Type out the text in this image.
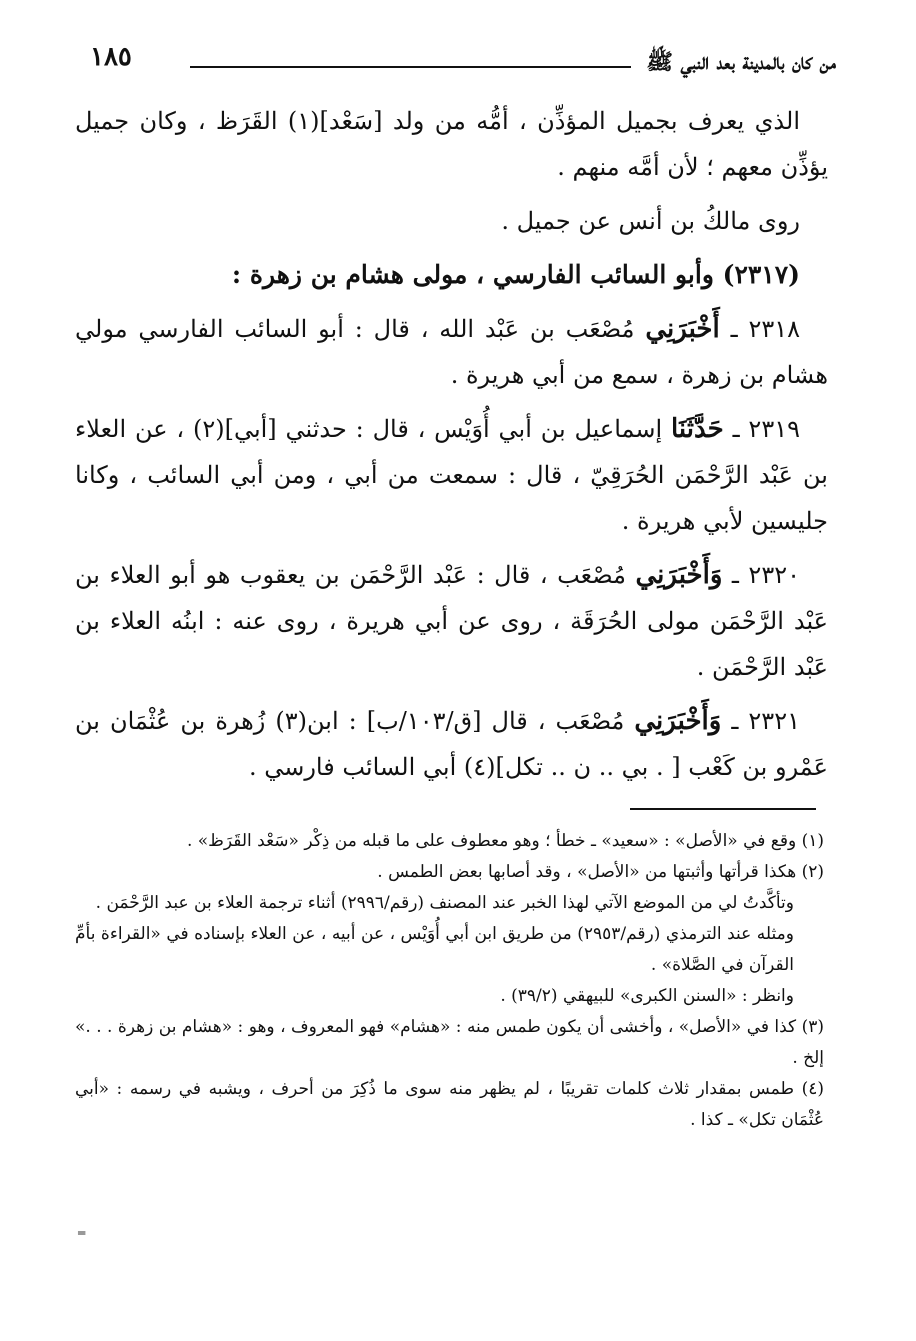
من كان بالمدينة بعد النبي ﷺ
١٨٥

الذي يعرف بجميل المؤذِّن ، أمُّه من ولد [سَعْد](١) القَرَظ ، وكان جميل يؤذِّن معهم ؛ لأن أمَّه منهم .

روى مالكُ بن أنس عن جميل .

(٢٣١٧) وأبو السائب الفارسي ، مولى هشام بن زهرة :

٢٣١٨ ـ أَخْبَرَنِي مُصْعَب بن عَبْد الله ، قال : أبو السائب الفارسي مولي هشام بن زهرة ، سمع من أبي هريرة .

٢٣١٩ ـ حَدَّثَنَا إسماعيل بن أبي أُوَيْس ، قال : حدثني [أبي](٢) ، عن العلاء بن عَبْد الرَّحْمَن الحُرَقِيّ ، قال : سمعت من أبي ، ومن أبي السائب ، وكانا جليسين لأبي هريرة .

٢٣٢٠ ـ وَأَخْبَرَنِي مُصْعَب ، قال : عَبْد الرَّحْمَن بن يعقوب هو أبو العلاء بن عَبْد الرَّحْمَن مولى الحُرَقَة ، روى عن أبي هريرة ، روى عنه : ابنُه العلاء بن عَبْد الرَّحْمَن .

٢٣٢١ ـ وَأَخْبَرَنِي مُصْعَب ، قال [ق/١٠٣/ب] : ابن(٣) زُهرة بن عُثْمَان بن عَمْرو بن كَعْب [ . بي .. ن .. تكل](٤) أبي السائب فارسي .

(١) وقع في «الأصل» : «سعيد» ـ خطأ ؛ وهو معطوف على ما قبله من ذِكْر «سَعْد القَرَظ» .

(٢) هكذا قرأتها وأثبتها من «الأصل» ، وقد أصابها بعض الطمس .

وتأكَّدتُ لي من الموضع الآتي لهذا الخبر عند المصنف (رقم/٢٩٩٦) أثناء ترجمة العلاء بن عبد الرَّحْمَن .

ومثله عند الترمذي (رقم/٢٩٥٣) من طريق ابن أبي أُوَيْس ، عن أبيه ، عن العلاء بإسناده في «القراءة بأمِّ القرآن في الصَّلاة» .

وانظر : «السنن الكبرى» للبيهقي (٣٩/٢) .

(٣) كذا في «الأصل» ، وأخشى أن يكون طمس منه : «هشام» فهو المعروف ، وهو : «هشام بن زهرة . . .» إلخ .

(٤) طمس بمقدار ثلاث كلمات تقريبًا ، لم يظهر منه سوى ما ذُكِرَ من أحرف ، ويشبه في رسمه : «أبي عُثْمَان تكل» ـ كذا .

═
